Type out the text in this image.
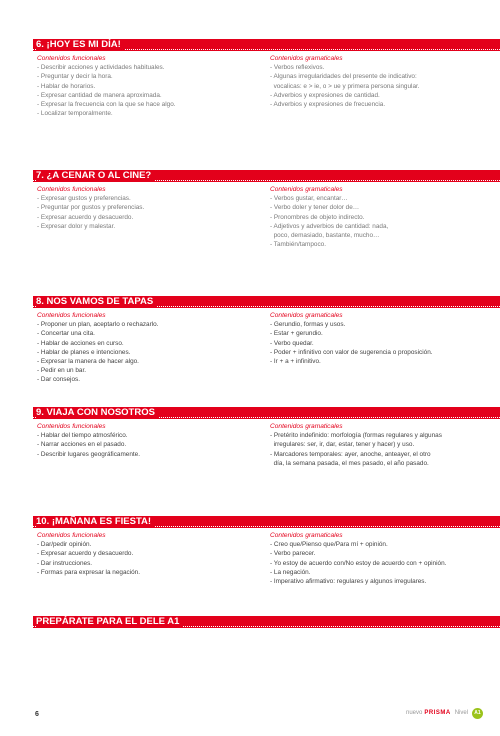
6. ¡HOY ES MI DÍA!
Contenidos funcionales
- Describir acciones y actividades habituales.
- Preguntar y decir la hora.
- Hablar de horarios.
- Expresar cantidad de manera aproximada.
- Expresar la frecuencia con la que se hace algo.
- Localizar temporalmente.
Contenidos gramaticales
- Verbos reflexivos.
- Algunas irregularidades del presente de indicativo:
vocalicas: e > ie, o > ue y primera persona singular.
- Adverbios y expresiones de cantidad.
- Adverbios y expresiones de frecuencia.
7. ¿A CENAR O AL CINE?
Contenidos funcionales
- Expresar gustos y preferencias.
- Preguntar por gustos y preferencias.
- Expresar acuerdo y desacuerdo.
- Expresar dolor y malestar.
Contenidos gramaticales
- Verbos gustar, encantar…
- Verbo doler y tener dolor de…
- Pronombres de objeto indirecto.
- Adjetivos y adverbios de cantidad: nada,
poco, demasiado, bastante, mucho…
- También/tampoco.
8. NOS VAMOS DE TAPAS
Contenidos funcionales
- Proponer un plan, aceptarlo o rechazarlo.
- Concertar una cita.
- Hablar de acciones en curso.
- Hablar de planes e intenciones.
- Expresar la manera de hacer algo.
- Pedir en un bar.
- Dar consejos.
Contenidos gramaticales
- Gerundio, formas y usos.
- Estar + gerundio.
- Verbo quedar.
- Poder + infinitivo con valor de sugerencia o proposición.
- Ir + a + infinitivo.
9. VIAJA CON NOSOTROS
Contenidos funcionales
- Hablar del tiempo atmosférico.
- Narrar acciones en el pasado.
- Describir lugares geográficamente.
Contenidos gramaticales
- Pretérito indefinido: morfología (formas regulares y algunas
irregulares: ser, ir, dar, estar, tener y hacer) y uso.
- Marcadores temporales: ayer, anoche, anteayer, el otro
día, la semana pasada, el mes pasado, el año pasado.
10. ¡MAÑANA ES FIESTA!
Contenidos funcionales
- Dar/pedir opinión.
- Expresar acuerdo y desacuerdo.
- Dar instrucciones.
- Formas para expresar la negación.
Contenidos gramaticales
- Creo que/Pienso que/Para mí + opinión.
- Verbo parecer.
- Yo estoy de acuerdo con/No estoy de acuerdo con + opinión.
- La negación.
- Imperativo afirmativo: regulares y algunos irregulares.
PREPÁRATE PARA EL DELE A1
6	nuevo PRISMA Nivel	A1
